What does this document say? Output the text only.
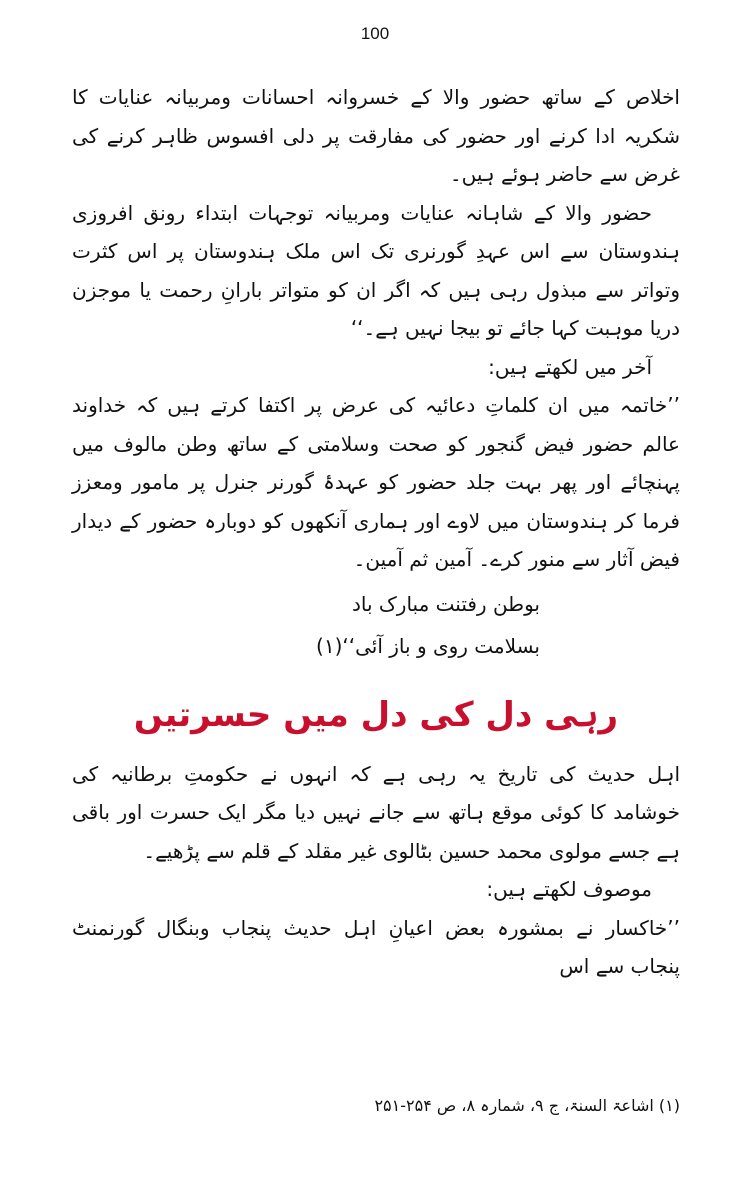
100

اخلاص کے ساتھ حضور والا کے خسروانہ احسانات ومربیانہ عنایات کا شکریہ ادا کرنے اور حضور کی مفارقت پر دلی افسوس ظاہر کرنے کی غرض سے حاضر ہوئے ہیں۔

حضور والا کے شاہانہ عنایات ومربیانہ توجہات ابتداء رونق افروزی ہندوستان سے اس عہدِ گورنری تک اس ملک ہندوستان پر اس کثرت وتواتر سے مبذول رہی ہیں کہ اگر ان کو متواتر بارانِ رحمت یا موجزن دریا موہبت کہا جائے تو بیجا نہیں ہے۔‘‘

آخر میں لکھتے ہیں:

’’خاتمہ میں ان کلماتِ دعائیہ کی عرض پر اکتفا کرتے ہیں کہ خداوند عالم حضور فیض گنجور کو صحت وسلامتی کے ساتھ وطن مالوف میں پہنچائے اور پھر بہت جلد حضور کو عہدۂ گورنر جنرل پر مامور ومعزز فرما کر ہندوستان میں لاوے اور ہماری آنکھوں کو دوبارہ حضور کے دیدار فیض آثار سے منور کرے۔ آمین ثم آمین۔

بوطن رفتنت مبارک باد

بسلامت روی و باز آئی‘‘(۱)

رہی دل کی دل میں حسرتیں

اہل حدیث کی تاریخ یہ رہی ہے کہ انہوں نے حکومتِ برطانیہ کی خوشامد کا کوئی موقع ہاتھ سے جانے نہیں دیا مگر ایک حسرت اور باقی ہے جسے مولوی محمد حسین بٹالوی غیر مقلد کے قلم سے پڑھیے۔

موصوف لکھتے ہیں:

’’خاکسار نے بمشورہ بعض اعیانِ اہل حدیث پنجاب وبنگال گورنمنٹ پنجاب سے اس

(۱) اشاعۃ السنۃ، ج ۹، شمارہ ۸، ص ۲۵۴-۲۵۱
